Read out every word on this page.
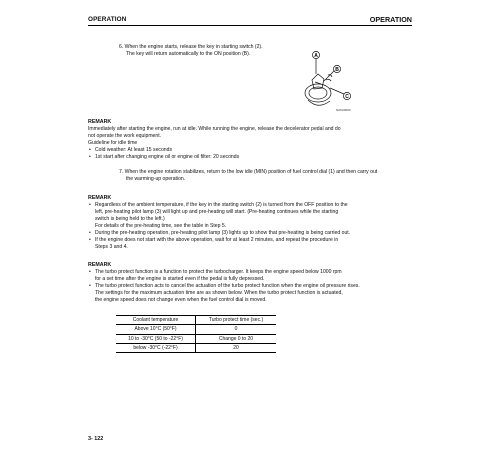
OPERATION	OPERATION
6. When the engine starts, release the key in starting switch (2).
The key will return automatically to the ON position (B).	A
B
C
NAK00000
REMARK
Immediately after starting the engine, run at idle. While running the engine, release the decelerator pedal and do
not operate the work equipment.
Guideline for idle time
• Cold weather: At least 15 seconds
• 1st start after changing engine oil or engine oil filter: 20 seconds
7. When the engine rotation stabilizes, return to the low idle (MIN) position of fuel control dial (1) and then carry out
the warming-up operation.
REMARK
• Regardless of the ambient temperature, if the key in the starting switch (2) is turned from the OFF position to the
left, pre-heating pilot lamp (3) will light up and pre-heating will start. (Pre-heating continues while the starting
switch is being held to the left.)
For details of the pre-heating time, see the table in Step 5.
• During the pre-heating operation, pre-heating pilot lamp (3) lights up to show that pre-heating is being carried out.
• If the engine does not start with the above operation, wait for at least 2 minutes, and repeat the procedure in
Steps 3 and 4.
REMARK
• The turbo protect function is a function to protect the turbocharger. It keeps the engine speed below 1000 rpm
for a set time after the engine is started even if the pedal is fully depressed.
• The turbo protect function acts to cancel the actuation of the turbo protect function when the engine oil pressure rises.
The settings for the maximum actuation time are as shown below. When the turbo protect function is actuated,
the engine speed does not change even when the fuel control dial is moved.
Coolant temperature	Turbo protect time (sec.)
Above 10°C (50°F)	0
10 to -30°C (50 to -22°F)	Change 0 to 20
below -30°C (-22°F)	20
3- 122
